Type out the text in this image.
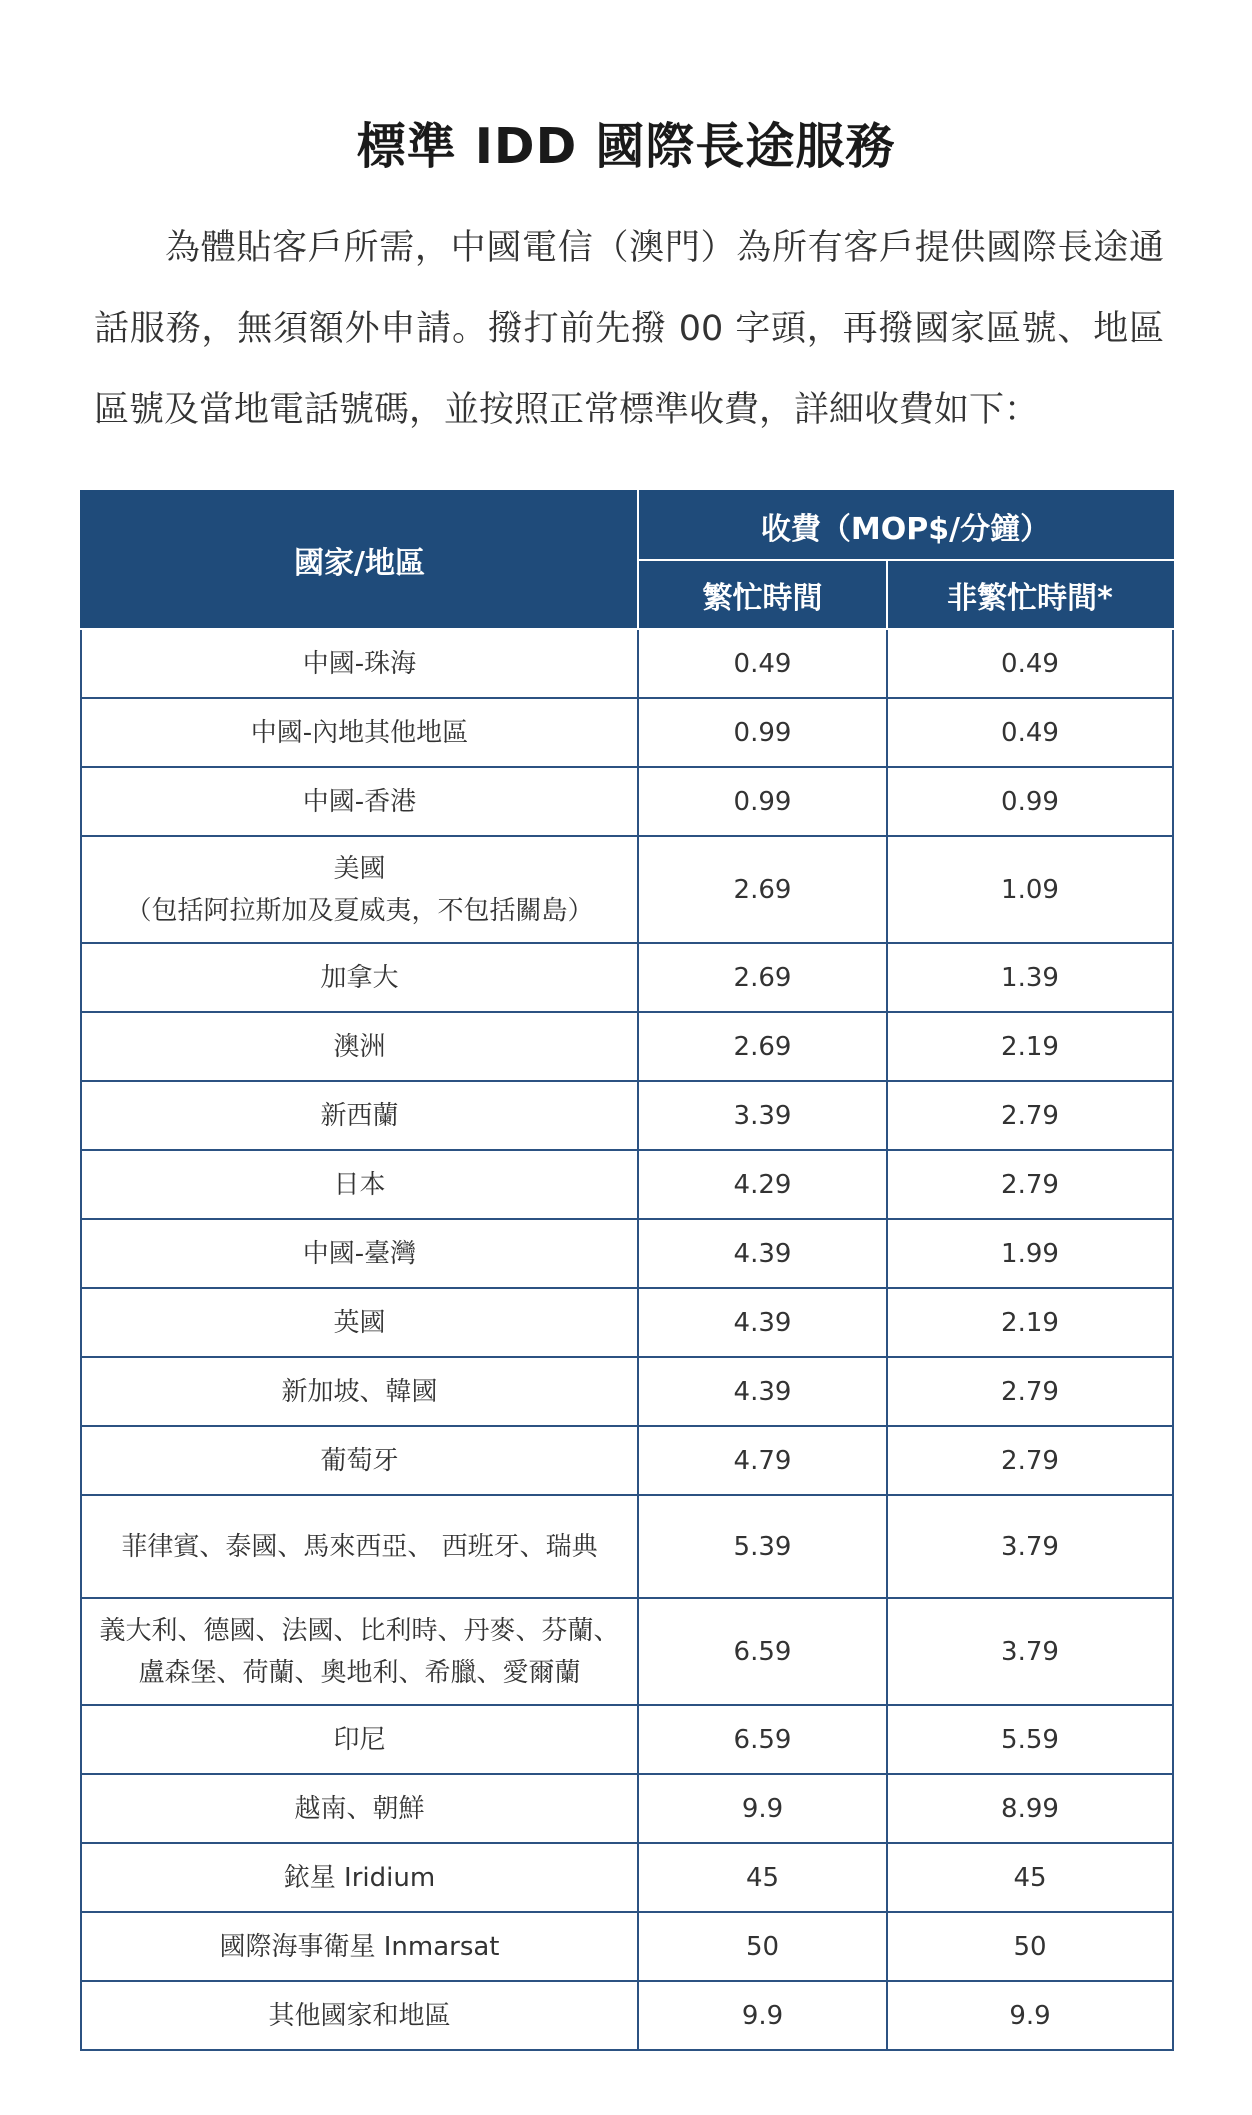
標準 IDD 國際長途服務

為體貼客戶所需，中國電信（澳門）為所有客戶提供國際長途通話服務，無須額外申請。撥打前先撥 00 字頭，再撥國家區號、地區區號及當地電話號碼，並按照正常標準收費，詳細收費如下：

國家/地區	收費（MOP$/分鐘）	
	繁忙時間	非繁忙時間*

中國-珠海	0.49	0.49

中國-內地其他地區	0.99	0.49

中國-香港	0.99	0.99

美國
（包括阿拉斯加及夏威夷，不包括關島）	2.69	1.09

加拿大	2.69	1.39

澳洲	2.69	2.19

新西蘭	3.39	2.79

日本	4.29	2.79

中國-臺灣	4.39	1.99

英國	4.39	2.19

新加坡、韓國	4.39	2.79

葡萄牙	4.79	2.79

菲律賓、泰國、馬來西亞、 西班牙、瑞典	5.39	3.79

義大利、德國、法國、比利時、丹麥、芬蘭、
盧森堡、荷蘭、奧地利、希臘、愛爾蘭	6.59	3.79

印尼	6.59	5.59

越南、朝鮮	9.9	8.99

銥星 Iridium	45	45

國際海事衛星 Inmarsat	50	50

其他國家和地區	9.9	9.9
